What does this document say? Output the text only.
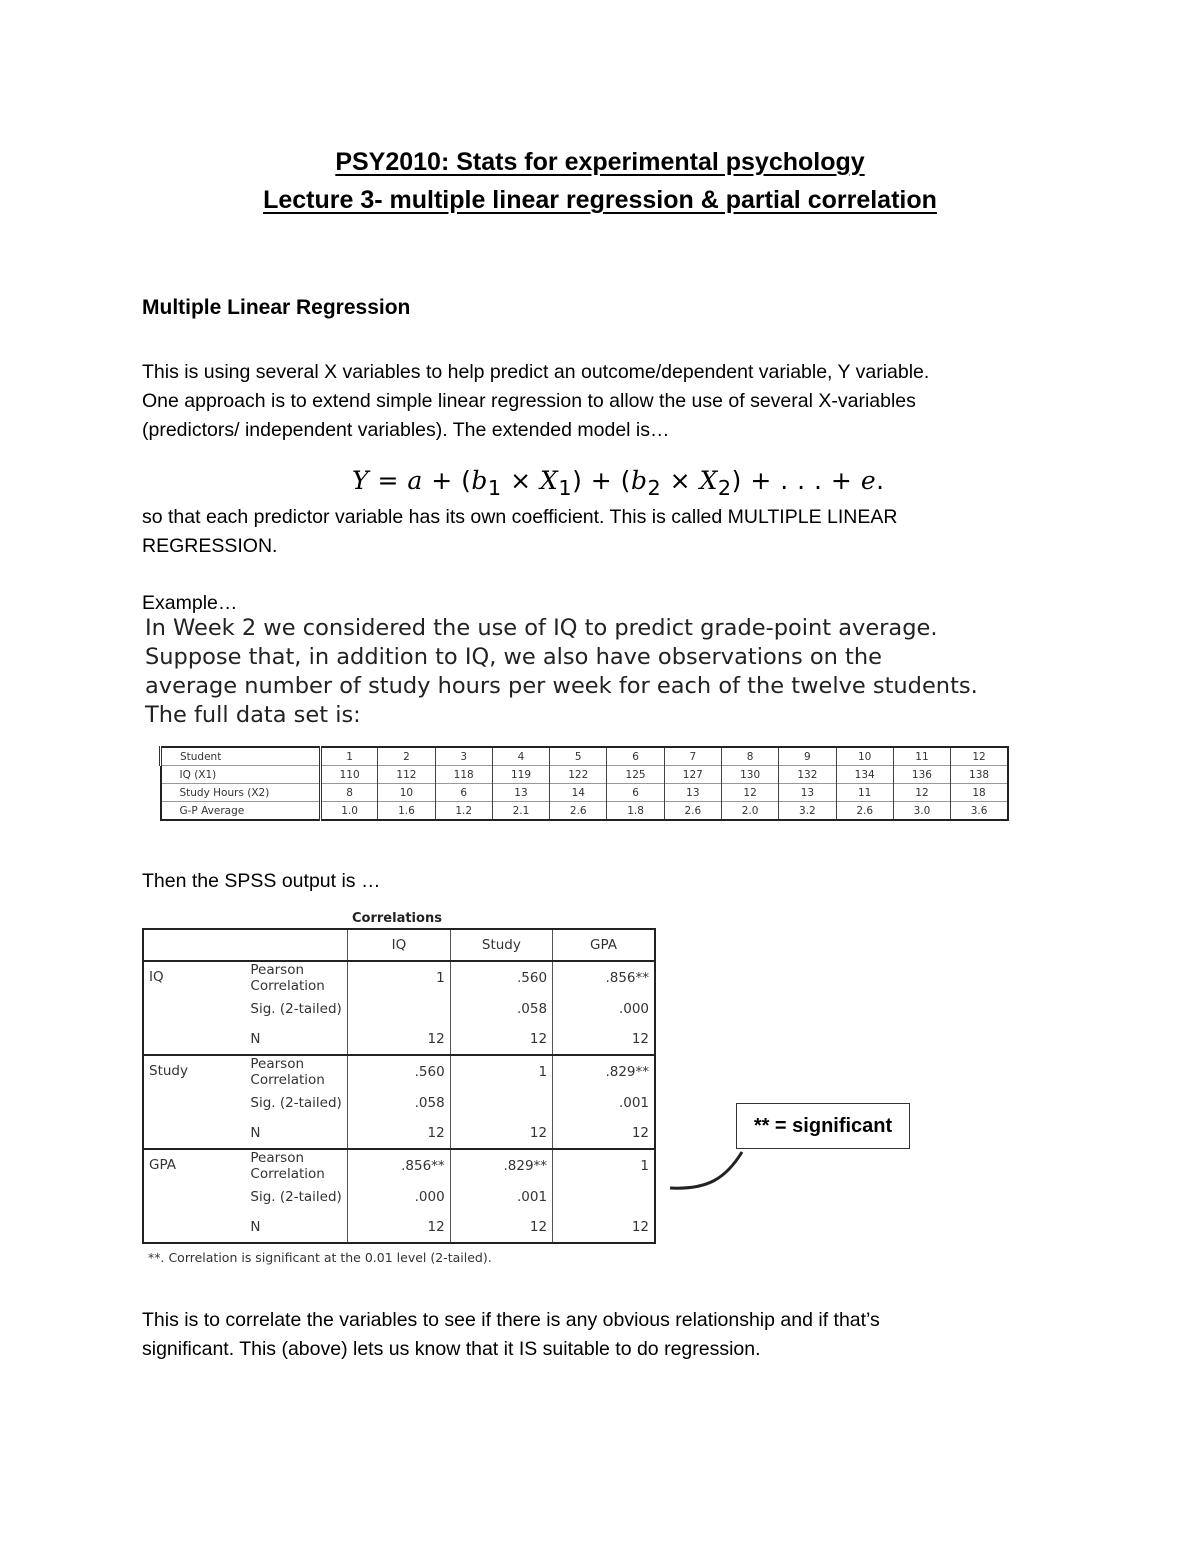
PSY2010: Stats for experimental psychology
Lecture 3- multiple linear regression & partial correlation
Multiple Linear Regression
This is using several X variables to help predict an outcome/dependent variable, Y variable.
One approach is to extend simple linear regression to allow the use of several X-variables
(predictors/ independent variables). The extended model is…
$Y = a + (b_1 \times X_1) + (b_2 \times X_2)$ + . . . + e.
so that each predictor variable has its own coefficient. This is called MULTIPLE LINEAR
REGRESSION.
Example…
In Week 2 we considered the use of IQ to predict grade-point average.
Suppose that, in addition to IQ, we also have observations on the
average number of study hours per week for each of the twelve students.
The full data set is:
Student	1	2	3	4	5	6	7	8	9	10	11	12
IQ (X1)	110	112	118	119	122	125	127	130	132	134	136	138
Study Hours (X2)	8	10	6	13	14	6	13	12	13	11	12	18
G-P Average	1.0	1.6	1.2	2.1	2.6	1.8	2.6	2.0	3.2	2.6	3.0	3.6
Then the SPSS output is …
Correlations
		IQ	Study	GPA
IQ	Pearson Correlation	1	.560	.856**
	Sig. (2-tailed)		.058	.000
	N	12	12	12
Study	Pearson Correlation	.560	1	.829**
	Sig. (2-tailed)	.058		.001
	N	12	12	12
GPA	Pearson Correlation	.856**	.829**	1
	Sig. (2-tailed)	.000	.001	
	N	12	12	12
**. Correlation is significant at the 0.01 level (2-tailed).
** = significant
This is to correlate the variables to see if there is any obvious relationship and if that’s
significant. This (above) lets us know that it IS suitable to do regression.
